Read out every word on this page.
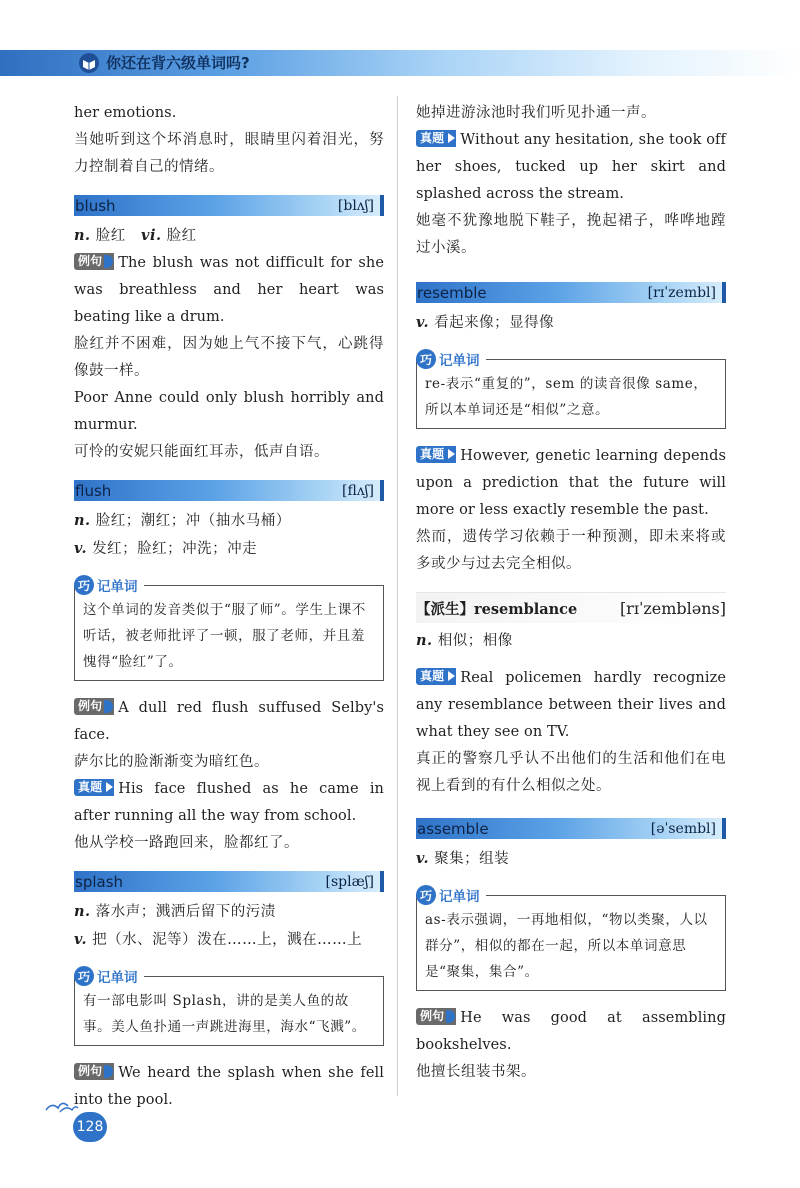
你还在背六级单词吗?

her emotions.

当她听到这个坏消息时，眼睛里闪着泪光，努力控制着自己的情绪。

blush	[blʌʃ]

n. 脸红 vi. 脸红

例句 The blush was not difficult for she was breathless and her heart was beating like a drum.

脸红并不困难，因为她上气不接下气，心跳得像鼓一样。

Poor Anne could only blush horribly and murmur.

可怜的安妮只能面红耳赤，低声自语。

flush	[flʌʃ]

n. 脸红；潮红；冲（抽水马桶）

v. 发红；脸红；冲洗；冲走

巧 记单词
这个单词的发音类似于“服了师”。学生上课不听话，被老师批评了一顿，服了老师，并且羞愧得“脸红”了。

例句 A dull red flush suffused Selby's face.

萨尔比的脸渐渐变为暗红色。

真题 His face flushed as he came in after running all the way from school.

他从学校一路跑回来，脸都红了。

splash	[splæʃ]

n. 落水声；溅洒后留下的污渍

v. 把（水、泥等）泼在……上，溅在……上

巧 记单词
有一部电影叫 Splash，讲的是美人鱼的故事。美人鱼扑通一声跳进海里，海水“飞溅”。

例句 We heard the splash when she fell into the pool.

她掉进游泳池时我们听见扑通一声。

真题 Without any hesitation, she took off her shoes, tucked up her skirt and splashed across the stream.

她毫不犹豫地脱下鞋子，挽起裙子，哗哗地蹚过小溪。

resemble	[rɪˈzembl]

v. 看起来像；显得像

巧 记单词
re-表示“重复的”，sem 的读音很像 same，所以本单词还是“相似”之意。

真题 However, genetic learning depends upon a prediction that the future will more or less exactly resemble the past.

然而，遗传学习依赖于一种预测，即未来将或多或少与过去完全相似。

【派生】resemblance	[rɪˈzembləns]

n. 相似；相像

真题 Real policemen hardly recognize any resemblance between their lives and what they see on TV.

真正的警察几乎认不出他们的生活和他们在电视上看到的有什么相似之处。

assemble	[əˈsembl]

v. 聚集；组装

巧 记单词
as-表示强调，一再地相似，“物以类聚，人以群分”，相似的都在一起，所以本单词意思是“聚集，集合”。

例句 He was good at assembling bookshelves.

他擅长组装书架。

128
